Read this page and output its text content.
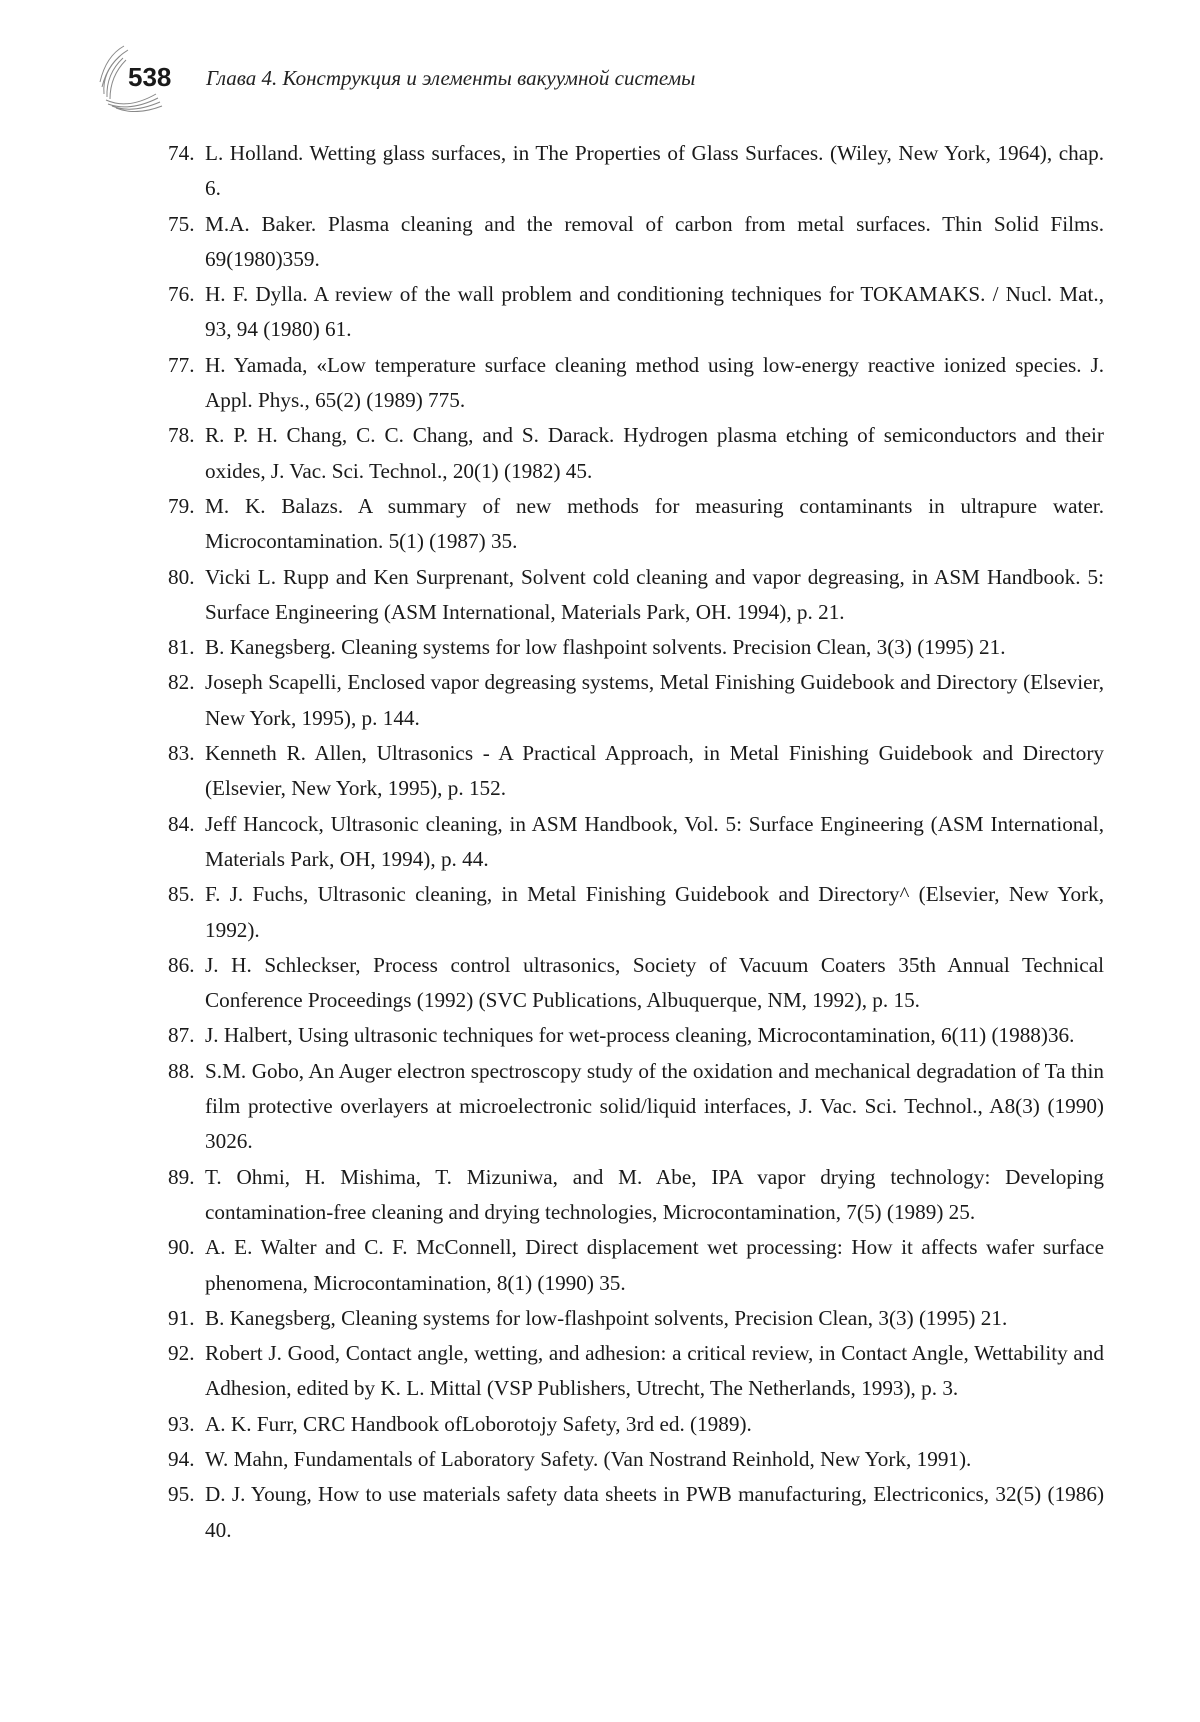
538 Глава 4. Конструкция и элементы вакуумной системы
74. L. Holland. Wetting glass surfaces, in The Properties of Glass Surfaces. (Wiley, New York, 1964), chap. 6.
75. M.A. Baker. Plasma cleaning and the removal of carbon from metal surfaces. Thin Solid Films. 69(1980)359.
76. H. F. Dylla. A review of the wall problem and conditioning techniques for TOKAMAKS. / Nucl. Mat., 93, 94 (1980) 61.
77. H. Yamada, «Low temperature surface cleaning method using low-energy reactive ionized species. J. Appl. Phys., 65(2) (1989) 775.
78. R. P. H. Chang, C. C. Chang, and S. Darack. Hydrogen plasma etching of semiconductors and their oxides, J. Vac. Sci. Technol., 20(1) (1982) 45.
79. M. K. Balazs. A summary of new methods for measuring contaminants in ultrapure water. Microcontamination. 5(1) (1987) 35.
80. Vicki L. Rupp and Ken Surprenant, Solvent cold cleaning and vapor degreasing, in ASM Handbook. 5: Surface Engineering (ASM International, Materials Park, OH. 1994), p. 21.
81. B. Kanegsberg. Cleaning systems for low flashpoint solvents. Precision Clean, 3(3) (1995) 21.
82. Joseph Scapelli, Enclosed vapor degreasing systems, Metal Finishing Guidebook and Directory (Elsevier, New York, 1995), p. 144.
83. Kenneth R. Allen, Ultrasonics - A Practical Approach, in Metal Finishing Guidebook and Directory (Elsevier, New York, 1995), p. 152.
84. Jeff Hancock, Ultrasonic cleaning, in ASM Handbook, Vol. 5: Surface Engineering (ASM International, Materials Park, OH, 1994), p. 44.
85. F. J. Fuchs, Ultrasonic cleaning, in Metal Finishing Guidebook and Directory^ (Elsevier, New York, 1992).
86. J. H. Schleckser, Process control ultrasonics, Society of Vacuum Coaters 35th Annual Technical Conference Proceedings (1992) (SVC Publications, Albuquerque, NM, 1992), p. 15.
87. J. Halbert, Using ultrasonic techniques for wet-process cleaning, Microcontamination, 6(11) (1988)36.
88. S.M. Gobo, An Auger electron spectroscopy study of the oxidation and mechanical degradation of Ta thin film protective overlayers at microelectronic solid/liquid interfaces, J. Vac. Sci. Technol., A8(3) (1990) 3026.
89. T. Ohmi, H. Mishima, T. Mizuniwa, and M. Abe, IPA vapor drying technology: Developing contamination-free cleaning and drying technologies, Microcontamination, 7(5) (1989) 25.
90. A. E. Walter and C. F. McConnell, Direct displacement wet processing: How it affects wafer surface phenomena, Microcontamination, 8(1) (1990) 35.
91. B. Kanegsberg, Cleaning systems for low-flashpoint solvents, Precision Clean, 3(3) (1995) 21.
92. Robert J. Good, Contact angle, wetting, and adhesion: a critical review, in Contact Angle, Wettability and Adhesion, edited by K. L. Mittal (VSP Publishers, Utrecht, The Netherlands, 1993), p. 3.
93. A. K. Furr, CRC Handbook ofLoborotojy Safety, 3rd ed. (1989).
94. W. Mahn, Fundamentals of Laboratory Safety. (Van Nostrand Reinhold, New York, 1991).
95. D. J. Young, How to use materials safety data sheets in PWB manufacturing, Electriconics, 32(5) (1986) 40.
